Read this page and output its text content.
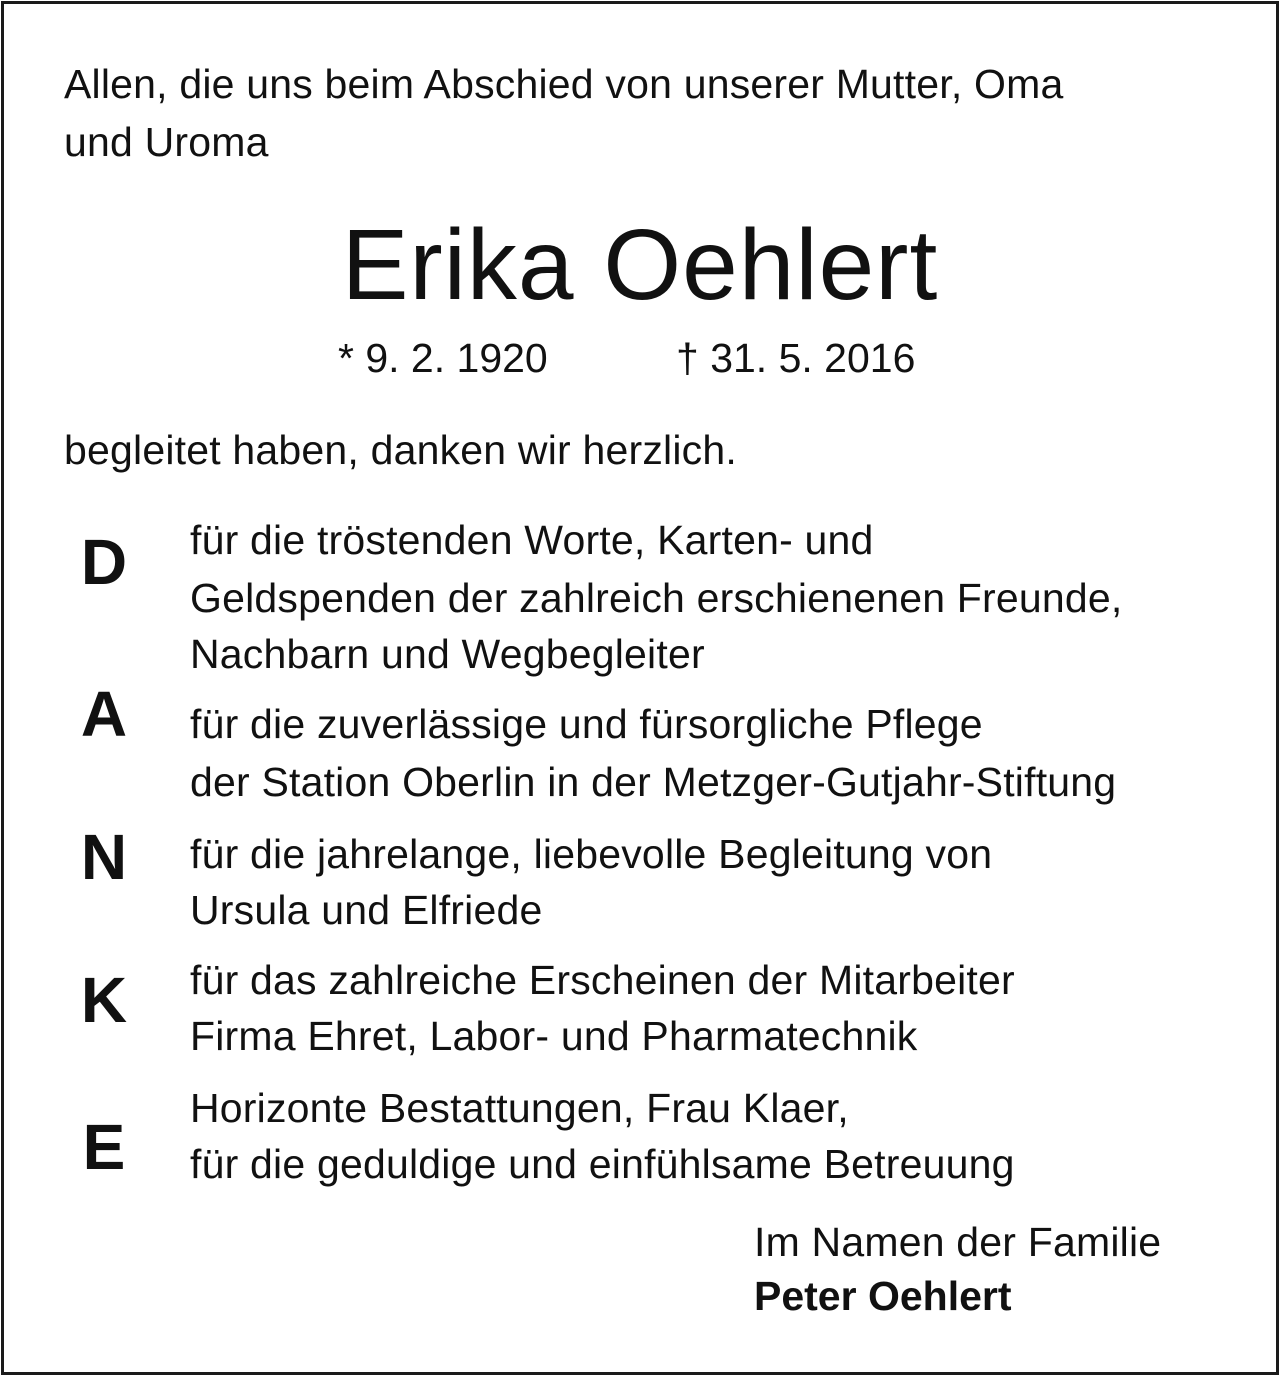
Allen, die uns beim Abschied von unserer Mutter, Oma
und Uroma
Erika Oehlert
* 9. 2. 1920	† 31. 5. 2016
begleitet haben, danken wir herzlich.
D
A
N
K
E
für die tröstenden Worte, Karten- und
Geldspenden der zahlreich erschienenen Freunde,
Nachbarn und Wegbegleiter
für die zuverlässige und fürsorgliche Pflege
der Station Oberlin in der Metzger-Gutjahr-Stiftung
für die jahrelange, liebevolle Begleitung von
Ursula und Elfriede
für das zahlreiche Erscheinen der Mitarbeiter
Firma Ehret, Labor- und Pharmatechnik
Horizonte Bestattungen, Frau Klaer,
für die geduldige und einfühlsame Betreuung
Im Namen der Familie
Peter Oehlert
